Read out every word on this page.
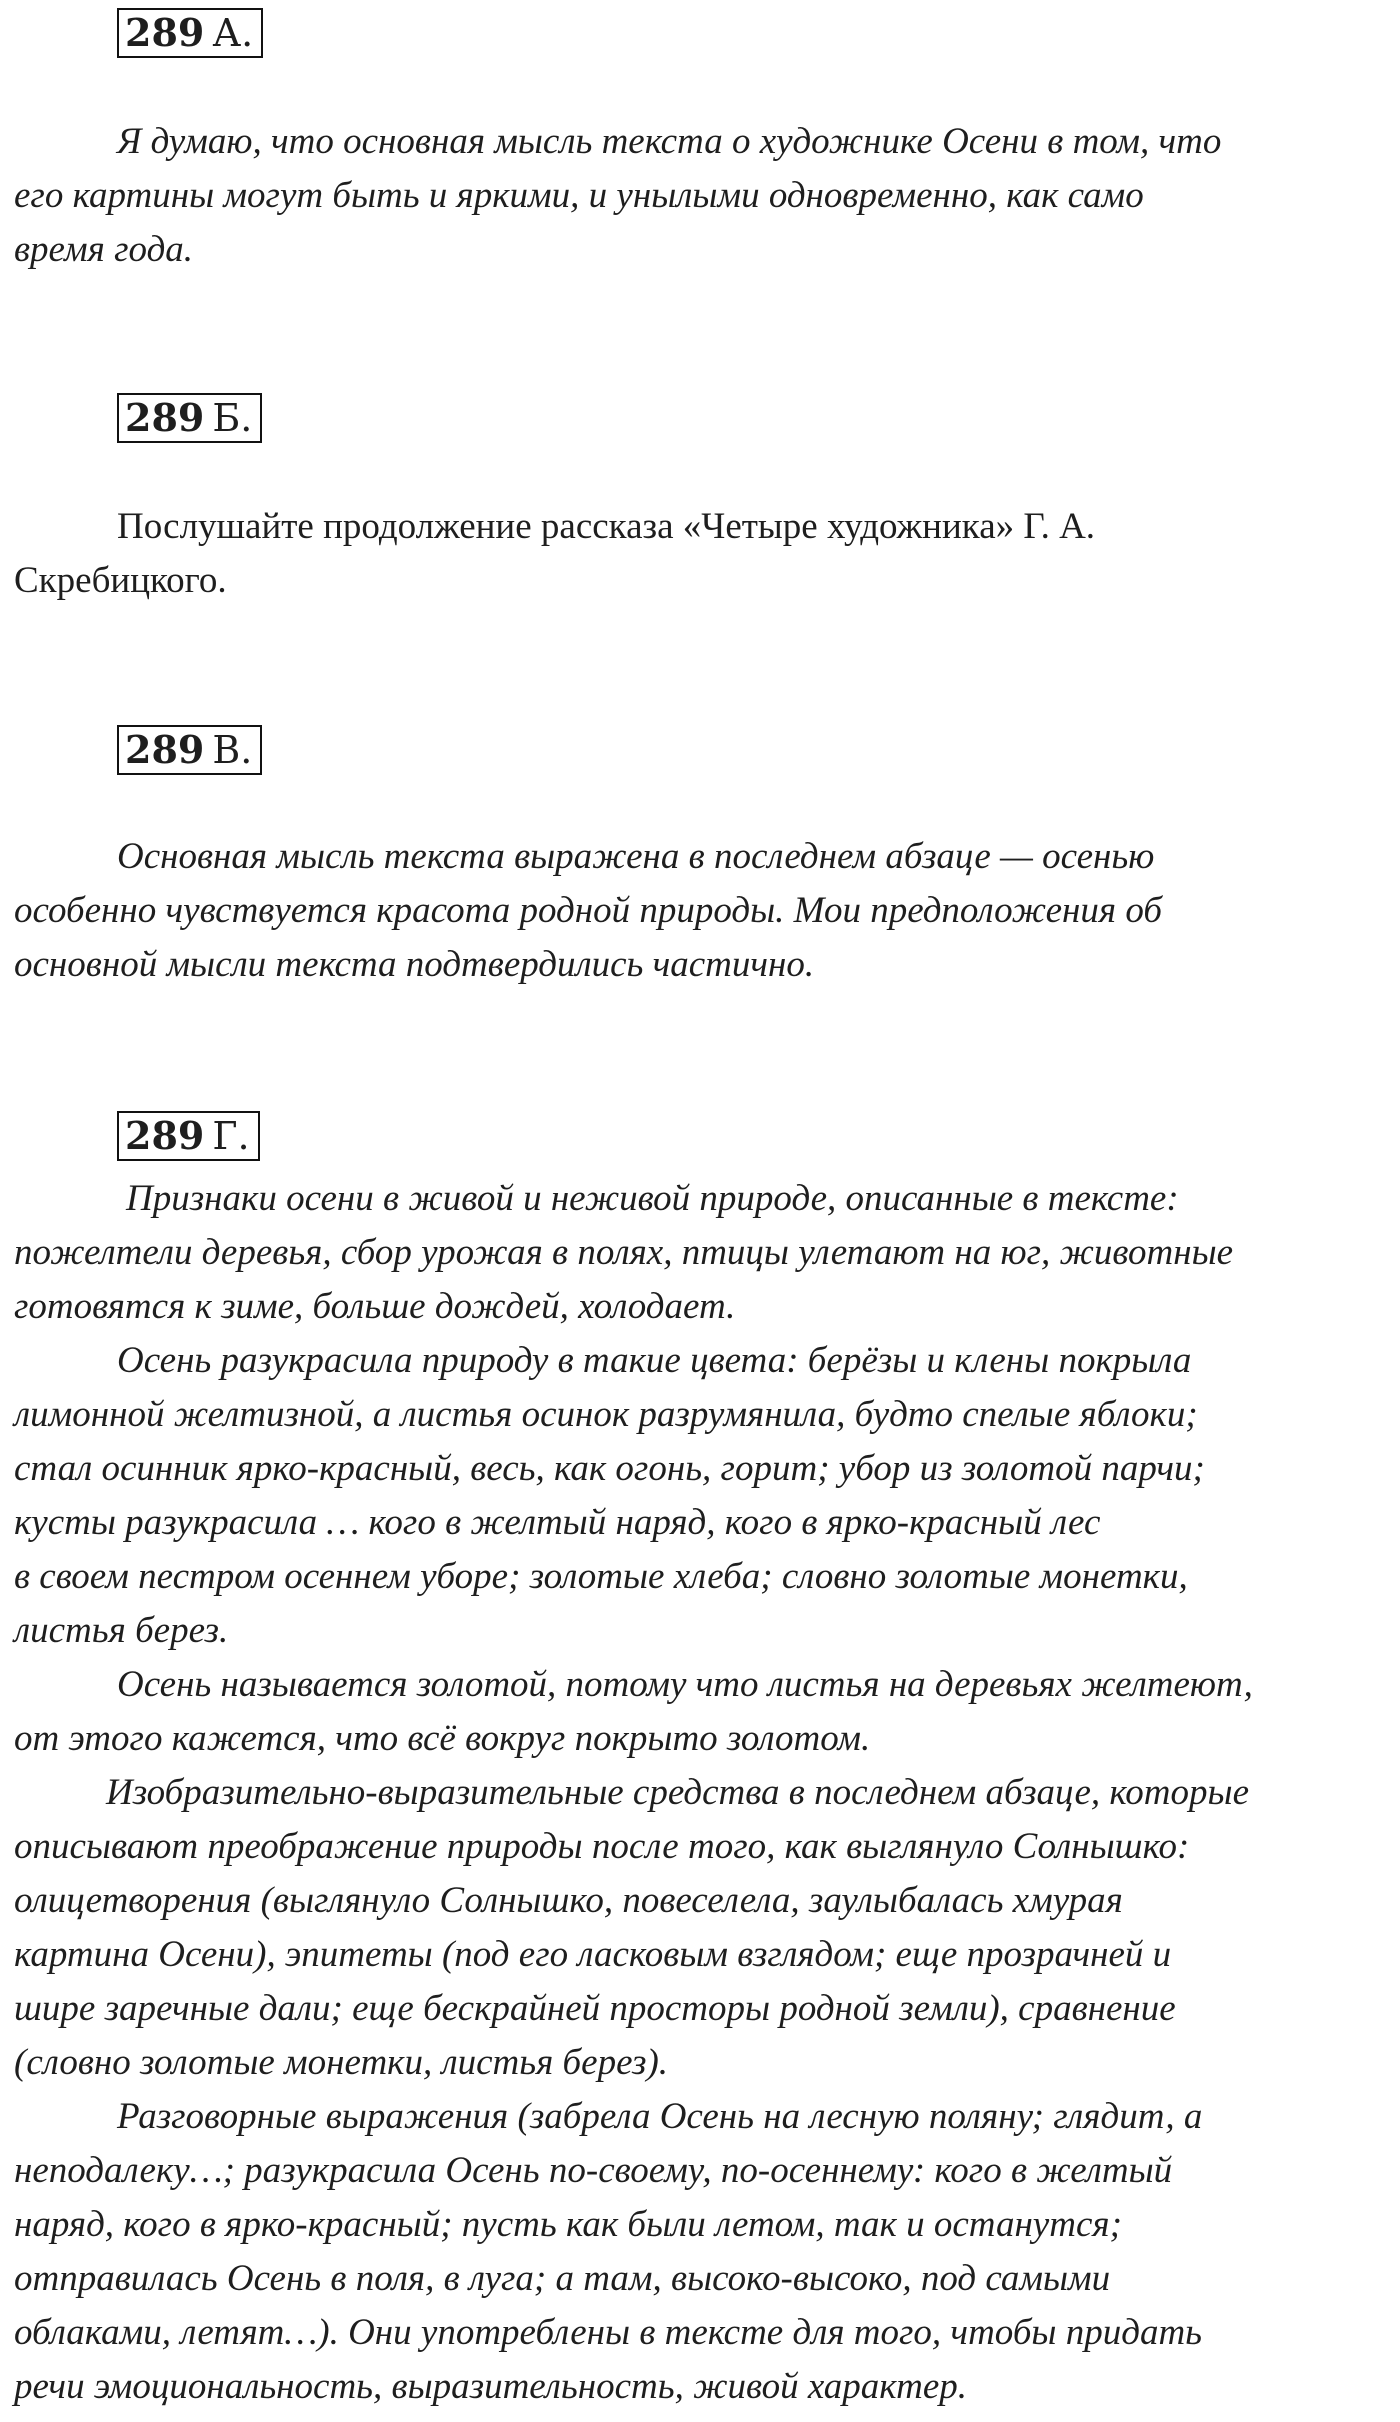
289 А.

Я думаю, что основная мысль текста о художнике Осени в том, что
его картины могут быть и яркими, и унылыми одновременно, как само
время года.

289 Б.

Послушайте продолжение рассказа «Четыре художника» Г. А.
Скребицкого.

289 В.

Основная мысль текста выражена в последнем абзаце — осенью
особенно чувствуется красота родной природы. Мои предположения об
основной мысли текста подтвердились частично.

289 Г.

Признаки осени в живой и неживой природе, описанные в тексте:
пожелтели деревья, сбор урожая в полях, птицы улетают на юг, животные
готовятся к зиме, больше дождей, холодает.

Осень разукрасила природу в такие цвета: берёзы и клены покрыла
лимонной желтизной, а листья осинок разрумянила, будто спелые яблоки;
стал осинник ярко-красный, весь, как огонь, горит; убор из золотой парчи;
кусты разукрасила … кого в желтый наряд, кого в ярко-красный лес
в своем пестром осеннем уборе; золотые хлеба; словно золотые монетки,
листья берез.

Осень называется золотой, потому что листья на деревьях желтеют,
от этого кажется, что всё вокруг покрыто золотом.

Изобразительно-выразительные средства в последнем абзаце, которые
описывают преображение природы после того, как выглянуло Солнышко:
олицетворения (выглянуло Солнышко, повеселела, заулыбалась хмурая
картина Осени), эпитеты (под его ласковым взглядом; еще прозрачней и
шире заречные дали; еще бескрайней просторы родной земли), сравнение
(словно золотые монетки, листья берез).

Разговорные выражения (забрела Осень на лесную поляну; глядит, а
неподалеку…; разукрасила Осень по-своему, по-осеннему: кого в желтый
наряд, кого в ярко-красный; пусть как были летом, так и останутся;
отправилась Осень в поля, в луга; а там, высоко-высоко, под самыми
облаками, летят…). Они употреблены в тексте для того, чтобы придать
речи эмоциональность, выразительность, живой характер.
